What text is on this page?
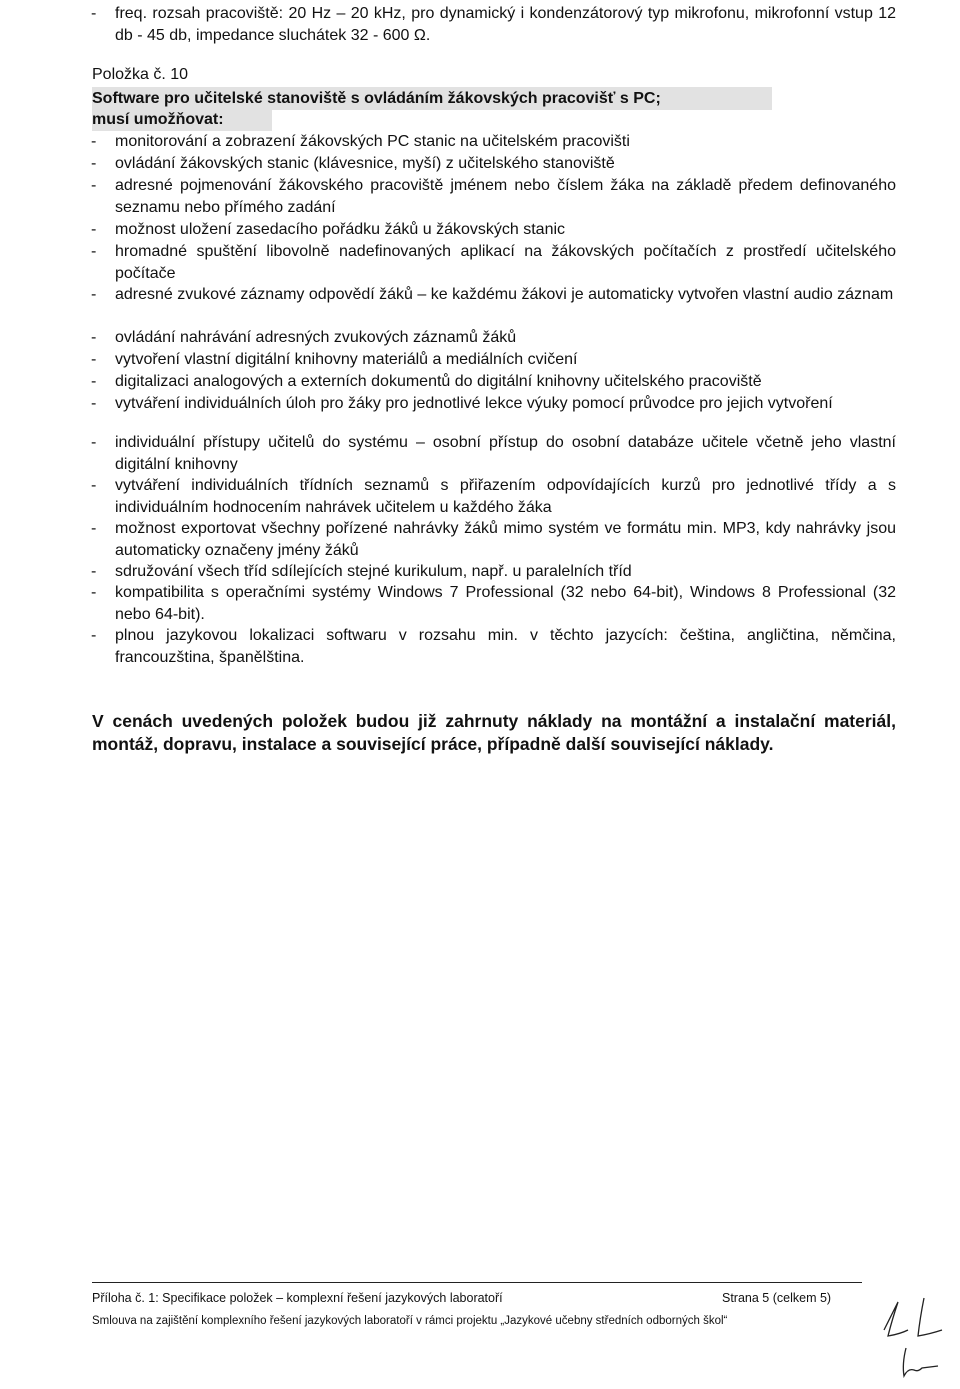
- freq. rozsah pracoviště: 20 Hz – 20 kHz, pro dynamický i kondenzátorový typ mikrofonu, mikrofonní vstup 12 db - 45 db, impedance sluchátek 32 - 600 Ω.
Položka č. 10
Software pro učitelské stanoviště s ovládáním žákovských pracovišť s PC;
musí umožňovat:
- monitorování a zobrazení žákovských PC stanic na učitelském pracovišti
- ovládání žákovských stanic (klávesnice, myší) z učitelského stanoviště
- adresné pojmenování žákovského pracoviště jménem nebo číslem žáka na základě předem definovaného seznamu nebo přímého zadání
- možnost uložení zasedacího pořádku žáků u žákovských stanic
- hromadné spuštění libovolně nadefinovaných aplikací na žákovských počítačích z prostředí učitelského počítače
- adresné zvukové záznamy odpovědí žáků – ke každému žákovi je automaticky vytvořen vlastní audio záznam
- ovládání nahrávání adresných zvukových záznamů žáků
- vytvoření vlastní digitální knihovny materiálů a mediálních cvičení
- digitalizaci analogových a externích dokumentů do digitální knihovny učitelského pracoviště
- vytváření individuálních úloh pro žáky pro jednotlivé lekce výuky pomocí průvodce pro jejich vytvoření
- individuální přístupy učitelů do systému – osobní přístup do osobní databáze učitele včetně jeho vlastní digitální knihovny
- vytváření individuálních třídních seznamů s přiřazením odpovídajících kurzů pro jednotlivé třídy a s individuálním hodnocením nahrávek učitelem u každého žáka
- možnost exportovat všechny pořízené nahrávky žáků mimo systém ve formátu min. MP3, kdy nahrávky jsou automaticky označeny jmény žáků
- sdružování všech tříd sdílejících stejné kurikulum, např. u paralelních tříd
- kompatibilita s operačními systémy Windows 7 Professional (32 nebo 64-bit), Windows 8 Professional (32 nebo 64-bit).
- plnou jazykovou lokalizaci softwaru v rozsahu min. v těchto jazycích: čeština, angličtina, němčina, francouzština, španělština.
V cenách uvedených položek budou již zahrnuty náklady na montážní a instalační materiál, montáž, dopravu, instalace a související práce, případně další související náklady.
Příloha č. 1: Specifikace položek – komplexní řešení jazykových laboratoří	Strana 5 (celkem 5)
Smlouva na zajištění komplexního řešení jazykových laboratoří v rámci projektu „Jazykové učebny středních odborných škol“
